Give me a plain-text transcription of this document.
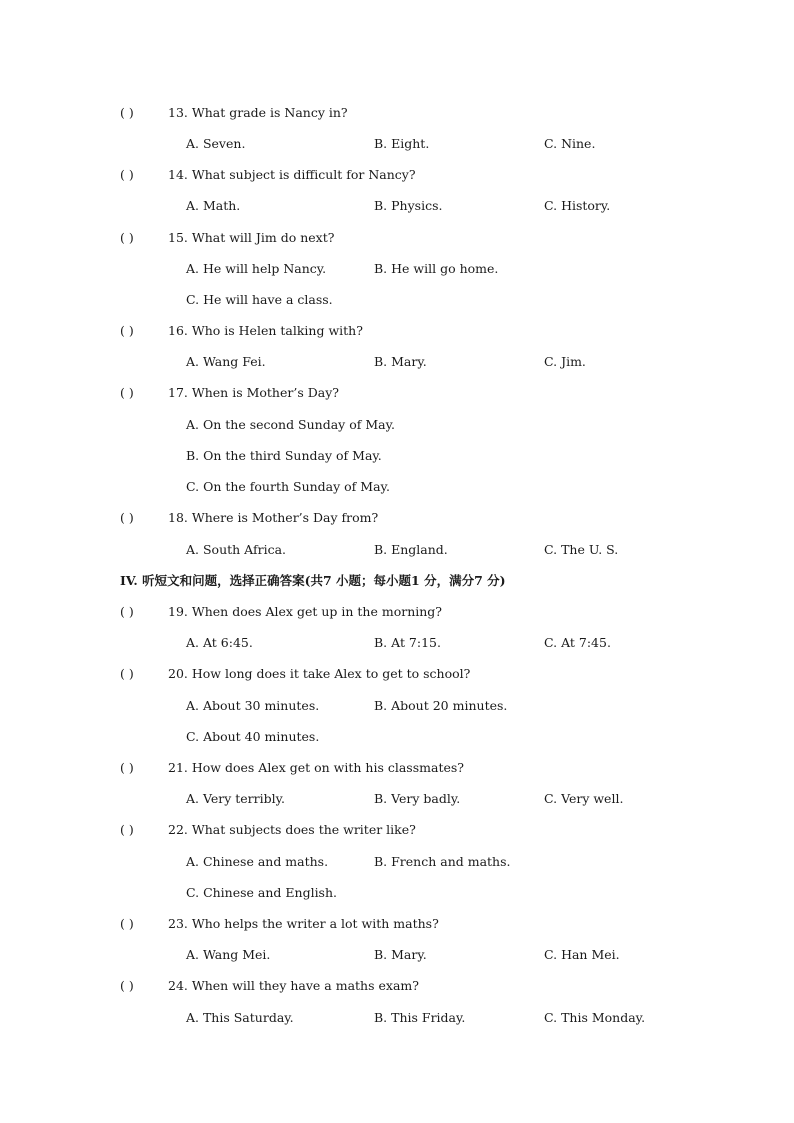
( )	13. What grade is Nancy in?
A. Seven.	B. Eight.	C. Nine.
( )	14. What subject is difficult for Nancy?
A. Math.	B. Physics.	C. History.
( )	15. What will Jim do next?
A. He will help Nancy.	B. He will go home.
C. He will have a class.
( )	16. Who is Helen talking with?
A. Wang Fei.	B. Mary.	C. Jim.
( )	17. When is Mother’s Day?
A. On the second Sunday of May.
B. On the third Sunday of May.
C. On the fourth Sunday of May.
( )	18. Where is Mother’s Day from?
A. South Africa.	B. England.	C. The U. S.
IV. 听短文和问题，选择正确答案(共7 小题；每小题1 分，满分7 分)
( )	19. When does Alex get up in the morning?
A. At 6:45.	B. At 7:15.	C. At 7:45.
( )	20. How long does it take Alex to get to school?
A. About 30 minutes.	B. About 20 minutes.
C. About 40 minutes.
( )	21. How does Alex get on with his classmates?
A. Very terribly.	B. Very badly.	C. Very well.
( )	22. What subjects does the writer like?
A. Chinese and maths.	B. French and maths.
C. Chinese and English.
( )	23. Who helps the writer a lot with maths?
A. Wang Mei.	B. Mary.	C. Han Mei.
( )	24. When will they have a maths exam?
A. This Saturday.	B. This Friday.	C. This Monday.
